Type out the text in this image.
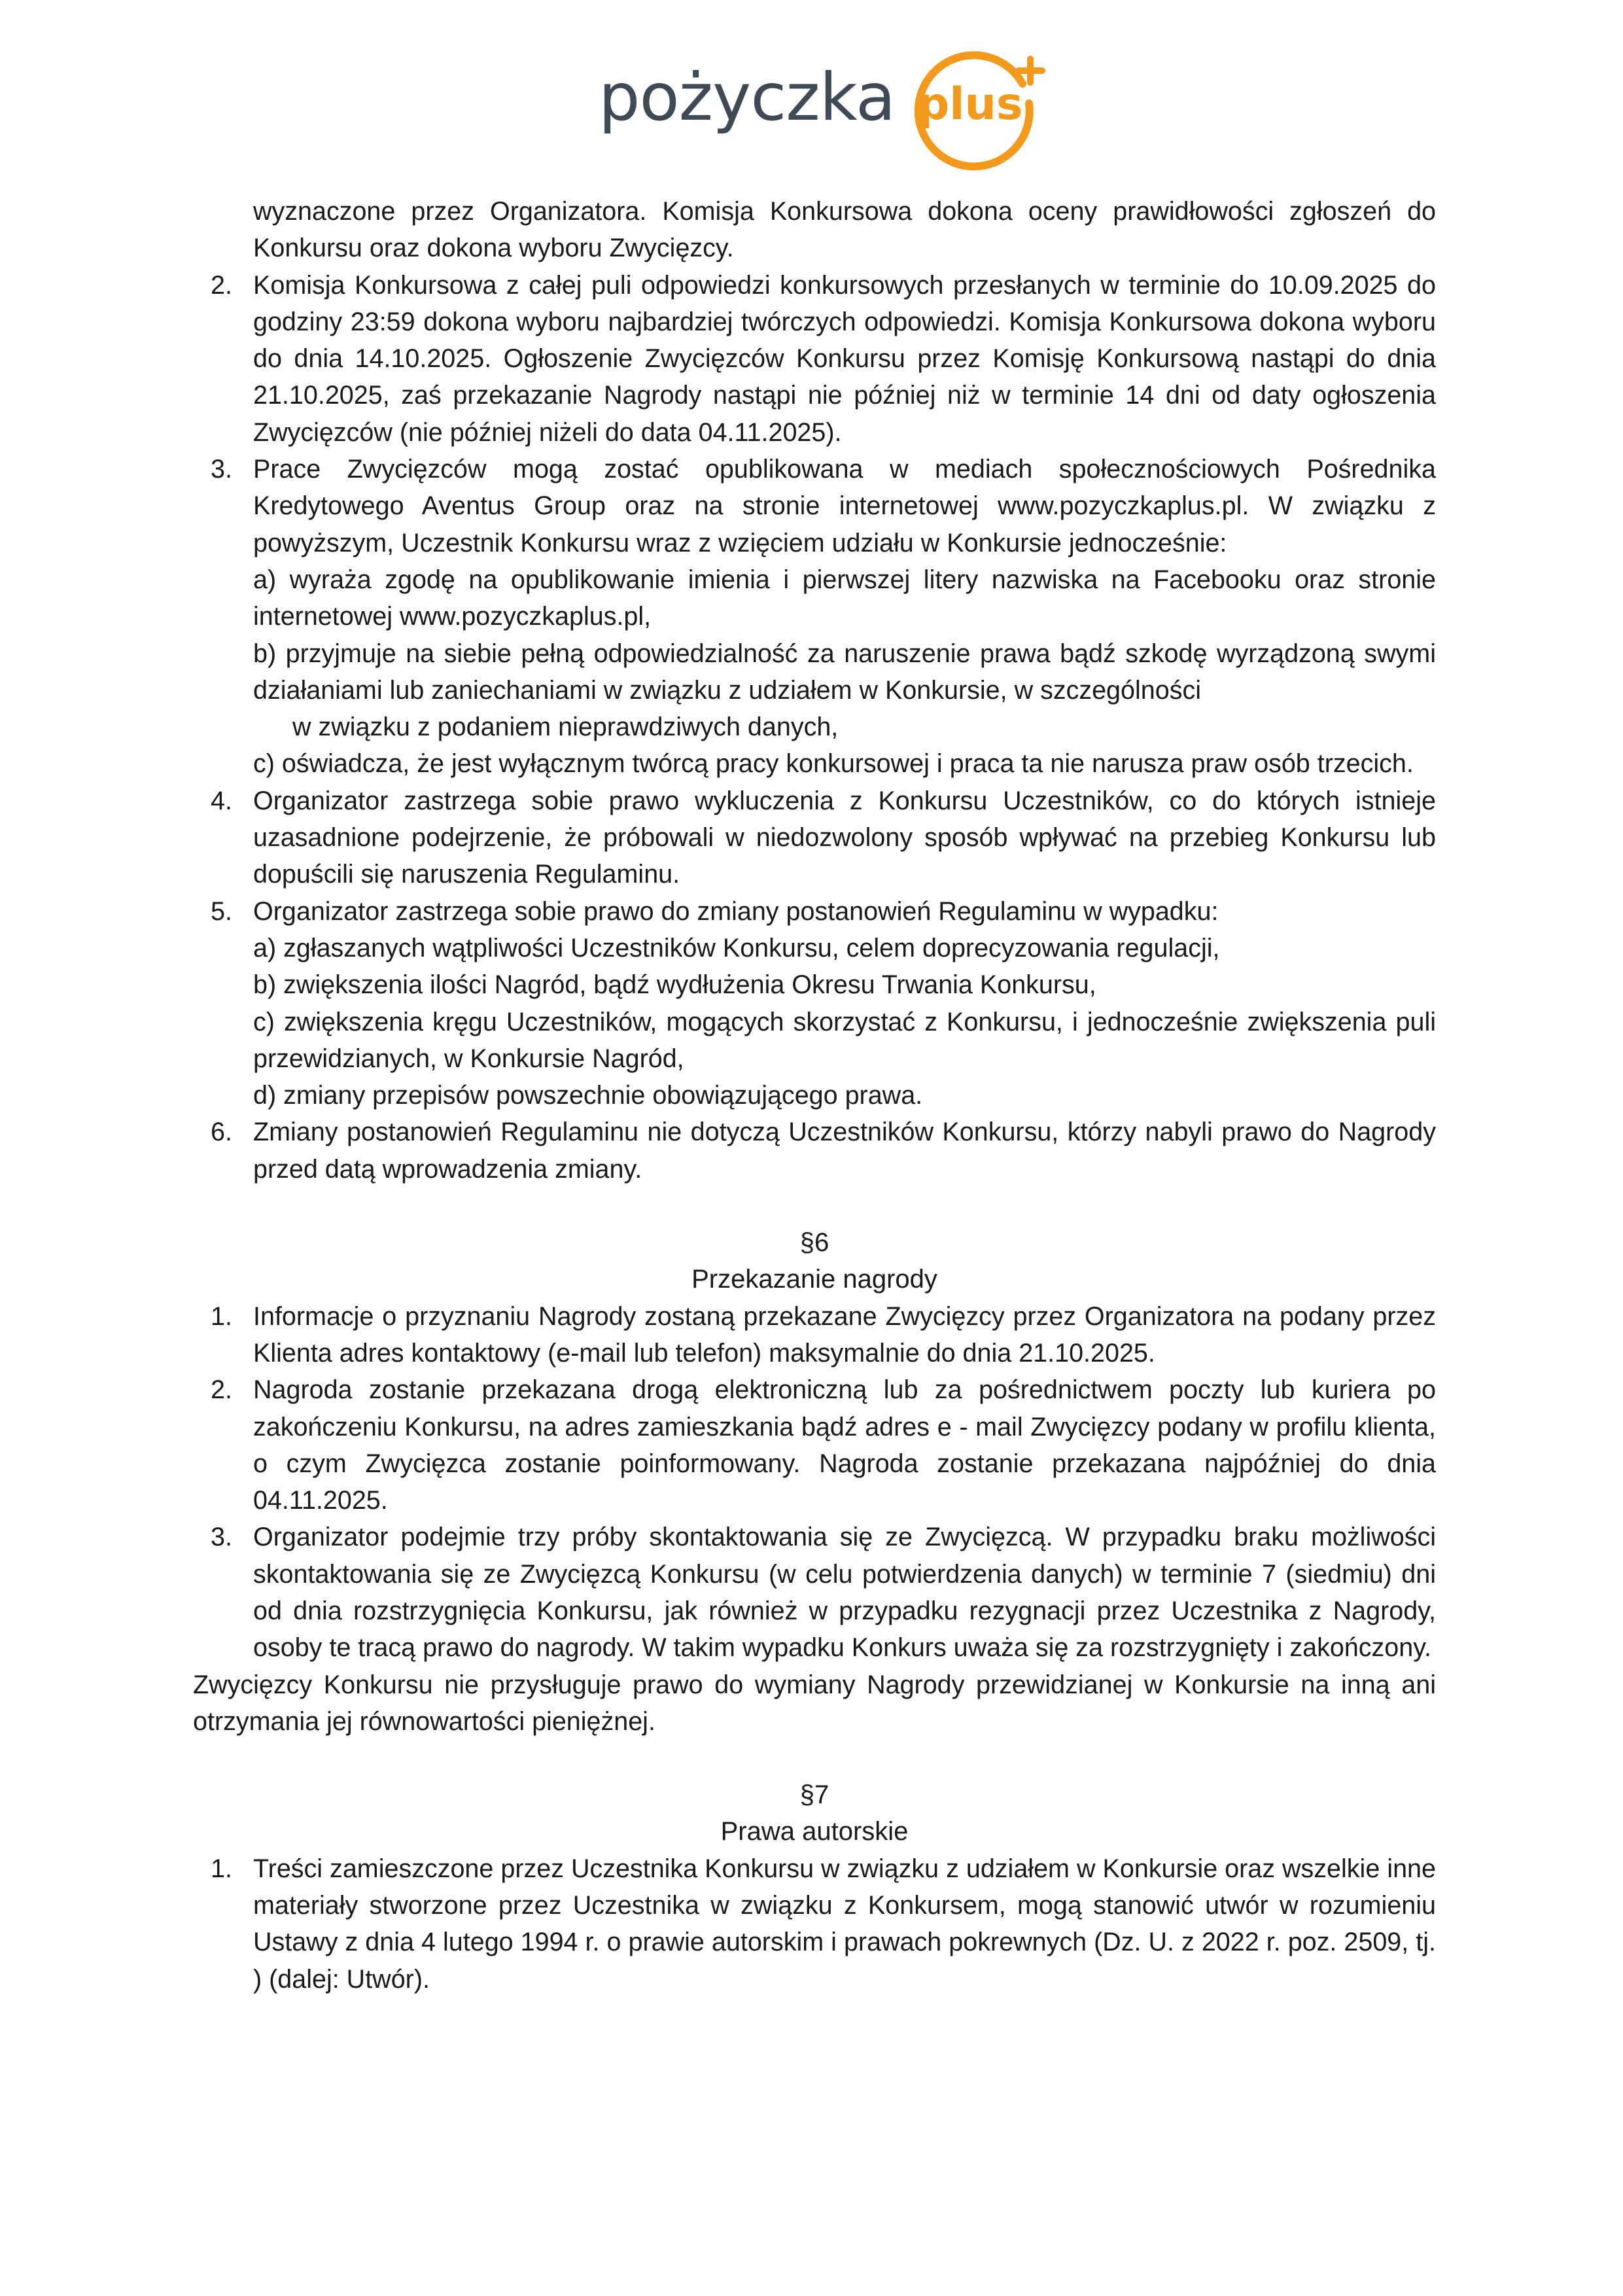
pożyczka plus
wyznaczone przez Organizatora. Komisja Konkursowa dokona oceny prawidłowości zgłoszeń do Konkursu oraz dokona wyboru Zwycięzcy.
2. Komisja Konkursowa z całej puli odpowiedzi konkursowych przesłanych w terminie do 10.09.2025 do godziny 23:59 dokona wyboru najbardziej twórczych odpowiedzi. Komisja Konkursowa dokona wyboru do dnia 14.10.2025. Ogłoszenie Zwycięzców Konkursu przez Komisję Konkursową nastąpi do dnia 21.10.2025, zaś przekazanie Nagrody nastąpi nie później niż w terminie 14 dni od daty ogłoszenia Zwycięzców (nie później niżeli do data 04.11.2025).
3. Prace Zwycięzców mogą zostać opublikowana w mediach społecznościowych Pośrednika Kredytowego Aventus Group oraz na stronie internetowej www.pozyczkaplus.pl. W związku z powyższym, Uczestnik Konkursu wraz z wzięciem udziału w Konkursie jednocześnie:
a) wyraża zgodę na opublikowanie imienia i pierwszej litery nazwiska na Facebooku oraz stronie internetowej www.pozyczkaplus.pl,
b) przyjmuje na siebie pełną odpowiedzialność za naruszenie prawa bądź szkodę wyrządzoną swymi działaniami lub zaniechaniami w związku z udziałem w Konkursie, w szczególności
w związku z podaniem nieprawdziwych danych,
c) oświadcza, że jest wyłącznym twórcą pracy konkursowej i praca ta nie narusza praw osób trzecich.
4. Organizator zastrzega sobie prawo wykluczenia z Konkursu Uczestników, co do których istnieje uzasadnione podejrzenie, że próbowali w niedozwolony sposób wpływać na przebieg Konkursu lub dopuścili się naruszenia Regulaminu.
5. Organizator zastrzega sobie prawo do zmiany postanowień Regulaminu w wypadku:
a) zgłaszanych wątpliwości Uczestników Konkursu, celem doprecyzowania regulacji,
b) zwiększenia ilości Nagród, bądź wydłużenia Okresu Trwania Konkursu,
c) zwiększenia kręgu Uczestników, mogących skorzystać z Konkursu, i jednocześnie zwiększenia puli przewidzianych, w Konkursie Nagród,
d) zmiany przepisów powszechnie obowiązującego prawa.
6. Zmiany postanowień Regulaminu nie dotyczą Uczestników Konkursu, którzy nabyli prawo do Nagrody przed datą wprowadzenia zmiany.
§6
Przekazanie nagrody
1. Informacje o przyznaniu Nagrody zostaną przekazane Zwycięzcy przez Organizatora na podany przez Klienta adres kontaktowy (e-mail lub telefon) maksymalnie do dnia 21.10.2025.
2. Nagroda zostanie przekazana drogą elektroniczną lub za pośrednictwem poczty lub kuriera po zakończeniu Konkursu, na adres zamieszkania bądź adres e - mail Zwycięzcy podany w profilu klienta, o czym Zwycięzca zostanie poinformowany. Nagroda zostanie przekazana najpóźniej do dnia 04.11.2025.
3. Organizator podejmie trzy próby skontaktowania się ze Zwycięzcą. W przypadku braku możliwości skontaktowania się ze Zwycięzcą Konkursu (w celu potwierdzenia danych) w terminie 7 (siedmiu) dni od dnia rozstrzygnięcia Konkursu, jak również w przypadku rezygnacji przez Uczestnika z Nagrody, osoby te tracą prawo do nagrody. W takim wypadku Konkurs uważa się za rozstrzygnięty i zakończony.
Zwycięzcy Konkursu nie przysługuje prawo do wymiany Nagrody przewidzianej w Konkursie na inną ani otrzymania jej równowartości pieniężnej.
§7
Prawa autorskie
1. Treści zamieszczone przez Uczestnika Konkursu w związku z udziałem w Konkursie oraz wszelkie inne materiały stworzone przez Uczestnika w związku z Konkursem, mogą stanowić utwór w rozumieniu Ustawy z dnia 4 lutego 1994 r. o prawie autorskim i prawach pokrewnych (Dz. U. z 2022 r. poz. 2509, tj. ) (dalej: Utwór).
